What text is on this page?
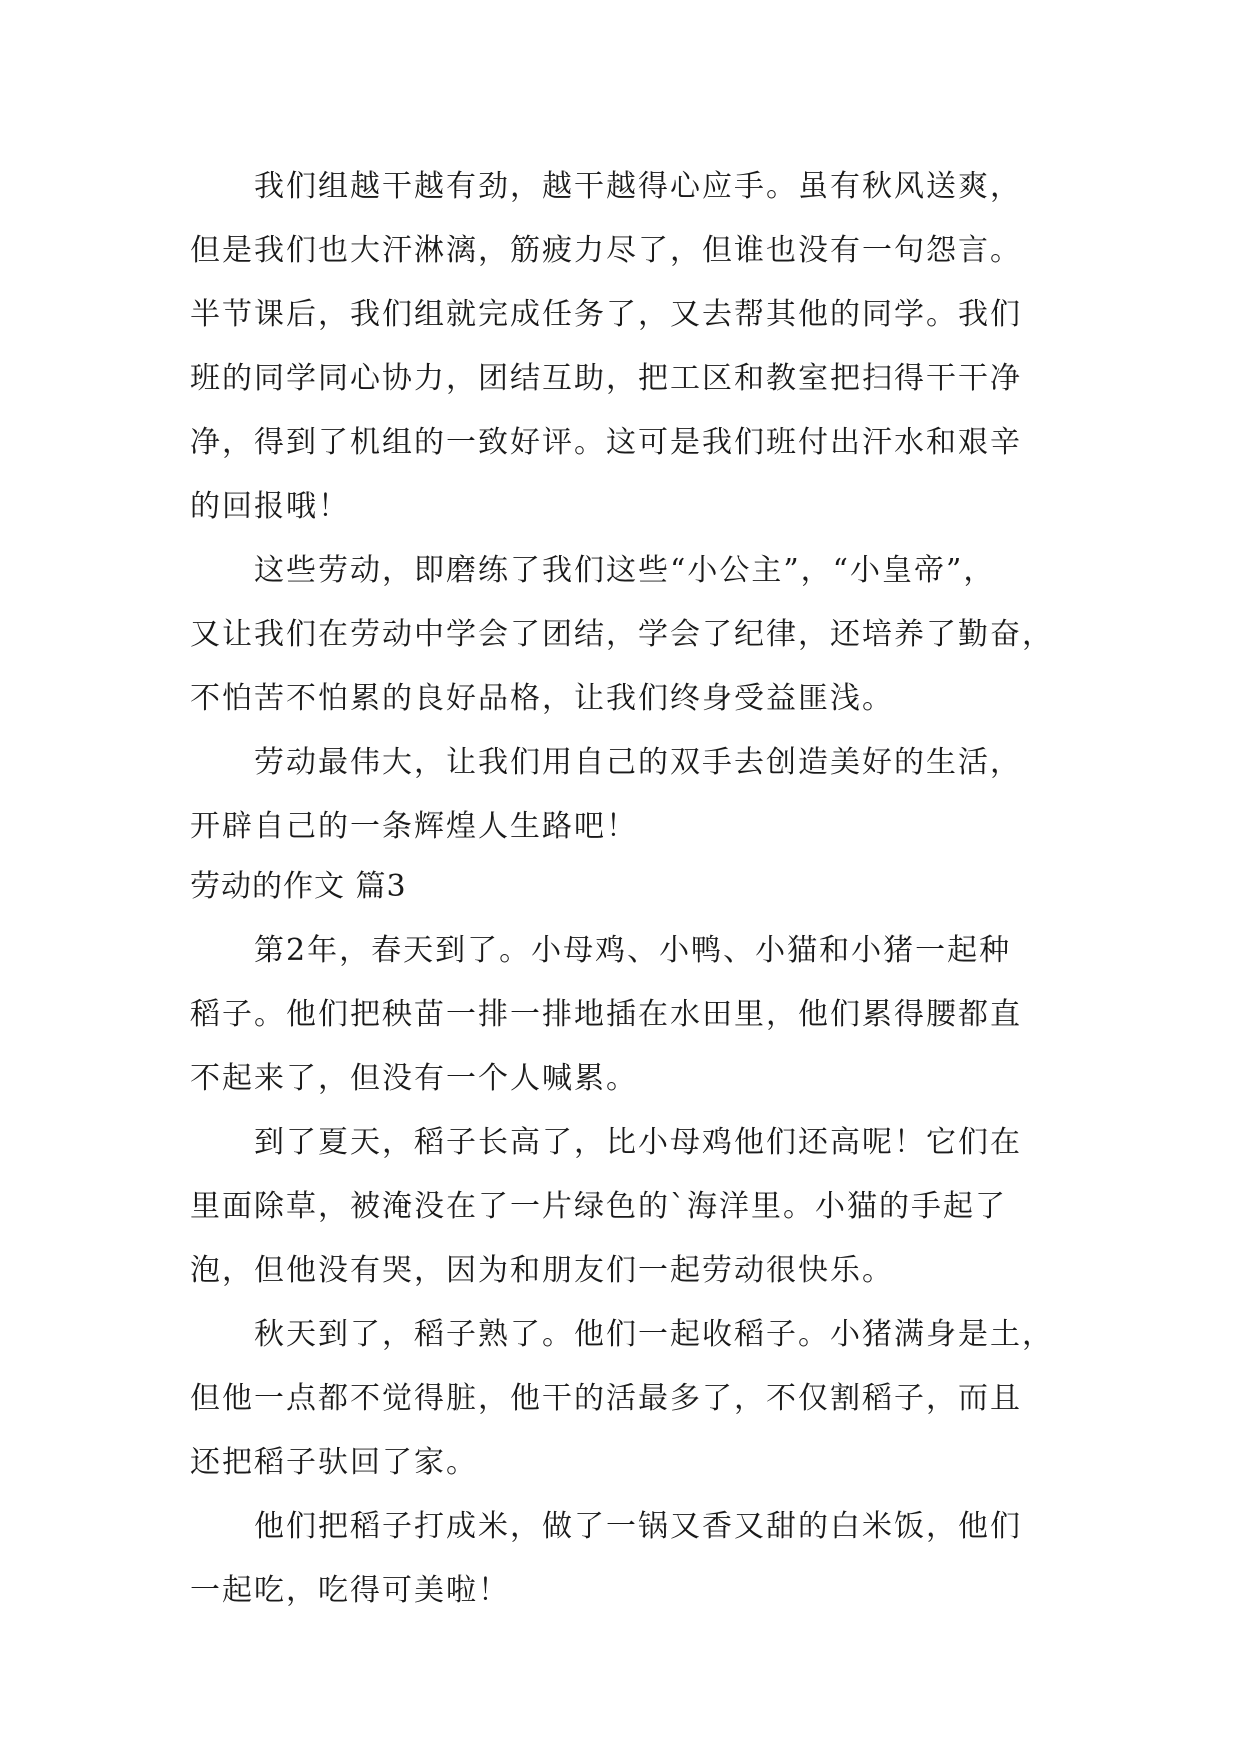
我们组越干越有劲，越干越得心应手。虽有秋风送爽，
但是我们也大汗淋漓，筋疲力尽了，但谁也没有一句怨言。
半节课后，我们组就完成任务了，又去帮其他的同学。我们
班的同学同心协力，团结互助，把工区和教室把扫得干干净
净，得到了机组的一致好评。这可是我们班付出汗水和艰辛
的回报哦！
这些劳动，即磨练了我们这些“小公主”，“小皇帝”，
又让我们在劳动中学会了团结，学会了纪律，还培养了勤奋，
不怕苦不怕累的良好品格，让我们终身受益匪浅。
劳动最伟大，让我们用自己的双手去创造美好的生活，
开辟自己的一条辉煌人生路吧！
劳动的作文 篇3
第2年，春天到了。小母鸡、小鸭、小猫和小猪一起种
稻子。他们把秧苗一排一排地插在水田里，他们累得腰都直
不起来了，但没有一个人喊累。
到了夏天，稻子长高了，比小母鸡他们还高呢！它们在
里面除草，被淹没在了一片绿色的`海洋里。小猫的手起了
泡，但他没有哭，因为和朋友们一起劳动很快乐。
秋天到了，稻子熟了。他们一起收稻子。小猪满身是土，
但他一点都不觉得脏，他干的活最多了，不仅割稻子，而且
还把稻子驮回了家。
他们把稻子打成米，做了一锅又香又甜的白米饭，他们
一起吃，吃得可美啦！
